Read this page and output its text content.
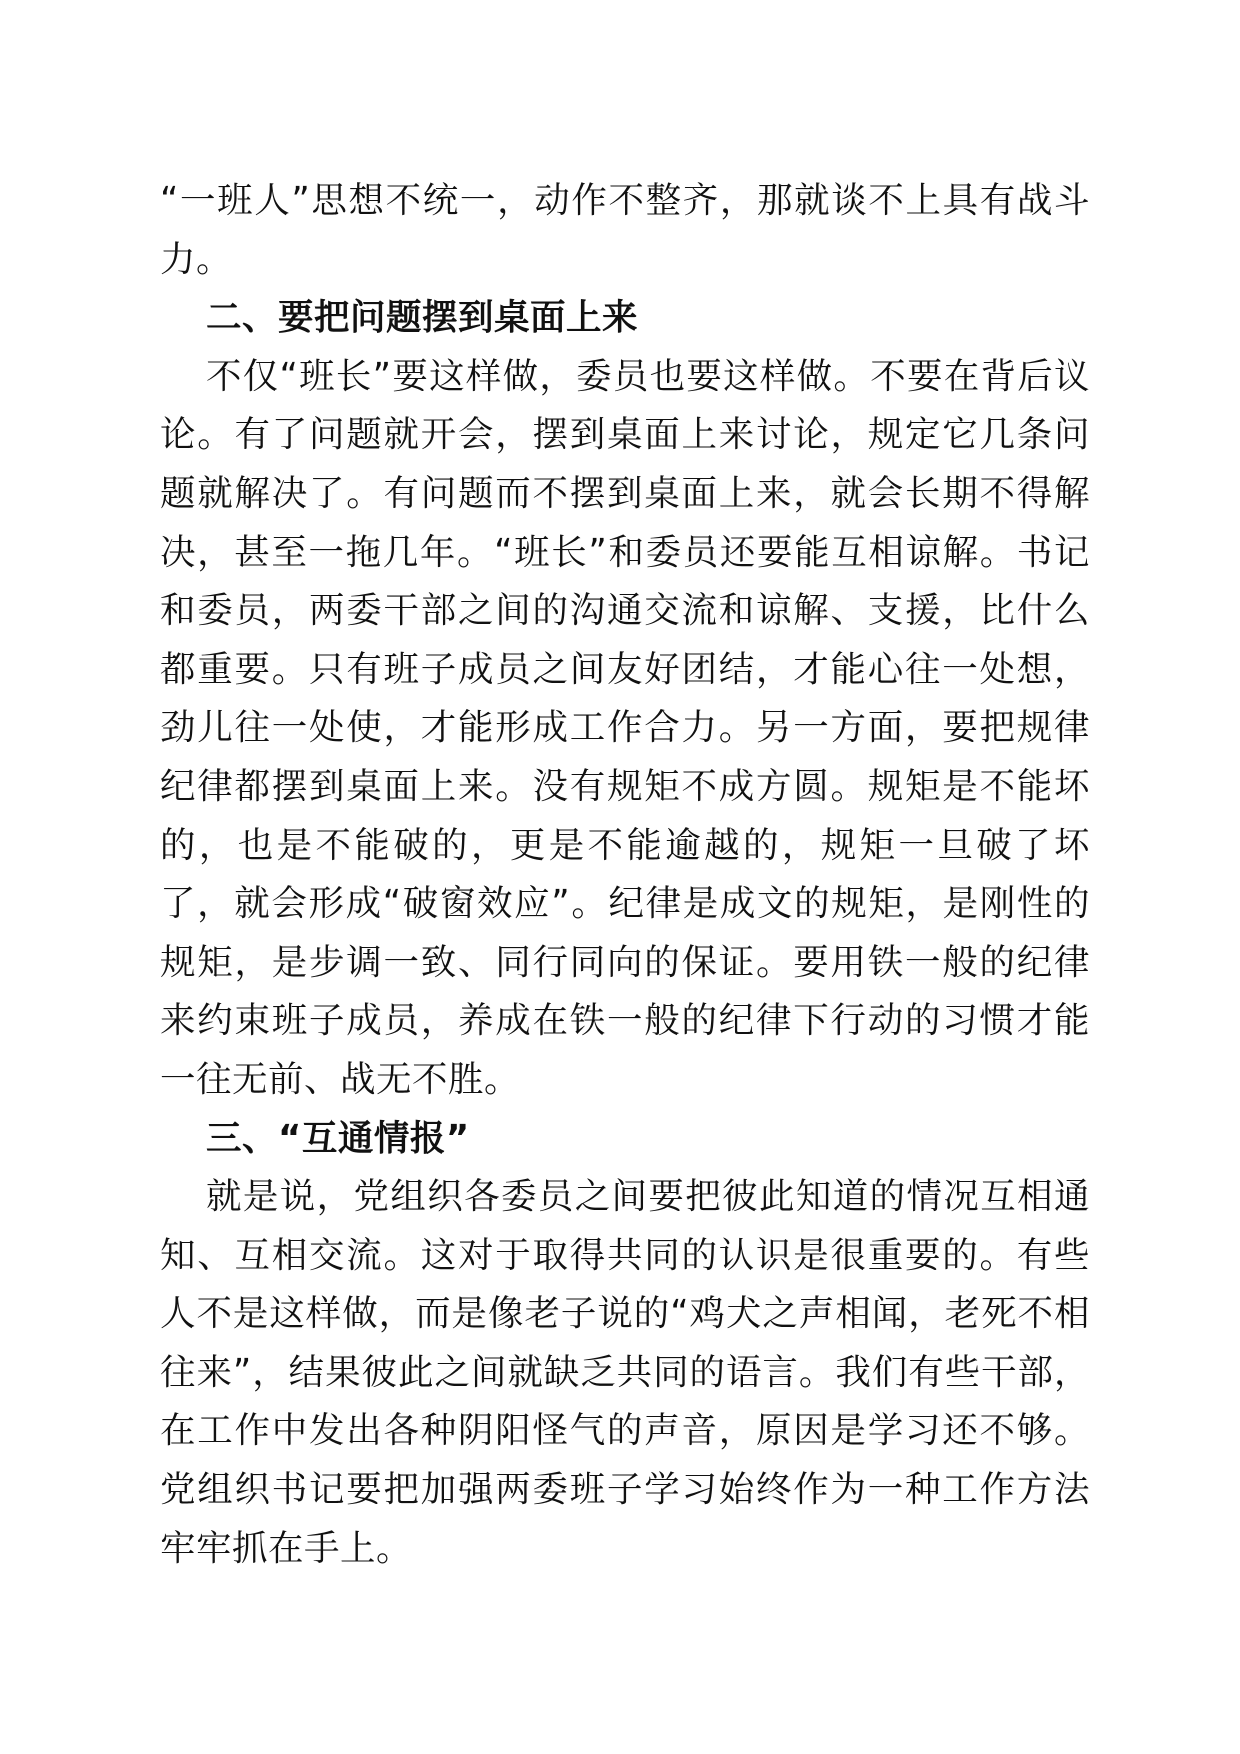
“一班人”思想不统一，动作不整齐，那就谈不上具有战斗力。

二、要把问题摆到桌面上来

不仅“班长”要这样做，委员也要这样做。不要在背后议论。有了问题就开会，摆到桌面上来讨论，规定它几条问题就解决了。有问题而不摆到桌面上来，就会长期不得解决，甚至一拖几年。“班长”和委员还要能互相谅解。书记和委员，两委干部之间的沟通交流和谅解、支援，比什么都重要。只有班子成员之间友好团结，才能心往一处想，劲儿往一处使，才能形成工作合力。另一方面，要把规律纪律都摆到桌面上来。没有规矩不成方圆。规矩是不能坏的，也是不能破的，更是不能逾越的，规矩一旦破了坏了，就会形成“破窗效应”。纪律是成文的规矩，是刚性的规矩，是步调一致、同行同向的保证。要用铁一般的纪律来约束班子成员，养成在铁一般的纪律下行动的习惯才能一往无前、战无不胜。

三、“互通情报”

就是说，党组织各委员之间要把彼此知道的情况互相通知、互相交流。这对于取得共同的认识是很重要的。有些人不是这样做，而是像老子说的“鸡犬之声相闻，老死不相往来”，结果彼此之间就缺乏共同的语言。我们有些干部，在工作中发出各种阴阳怪气的声音，原因是学习还不够。党组织书记要把加强两委班子学习始终作为一种工作方法牢牢抓在手上。
